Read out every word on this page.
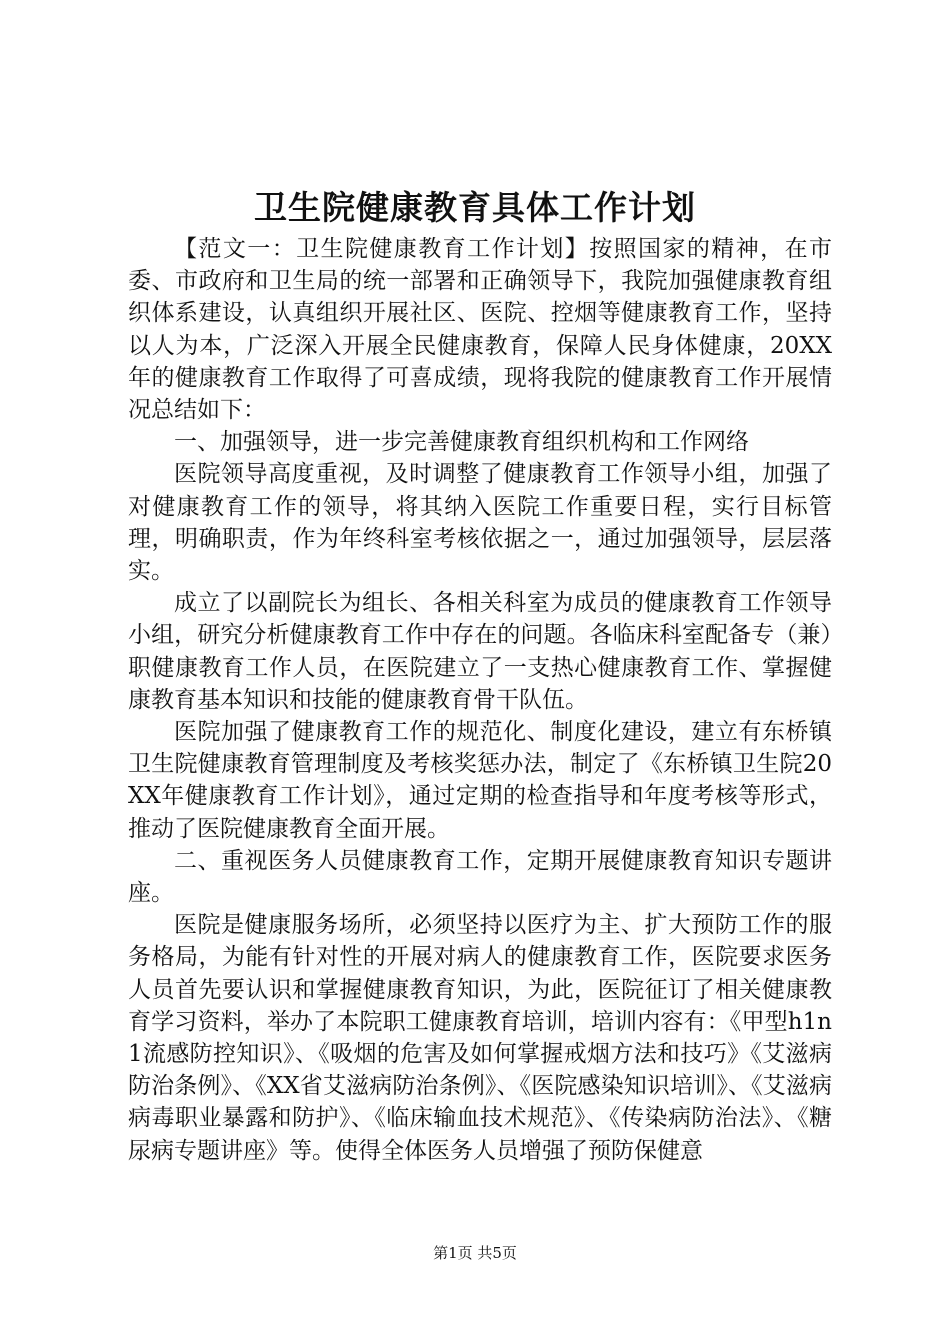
卫生院健康教育具体工作计划

【范文一：卫生院健康教育工作计划】按照国家的精神，在市委、市政府和卫生局的统一部署和正确领导下，我院加强健康教育组织体系建设，认真组织开展社区、医院、控烟等健康教育工作，坚持以人为本，广泛深入开展全民健康教育，保障人民身体健康，20XX年的健康教育工作取得了可喜成绩，现将我院的健康教育工作开展情况总结如下：

一、加强领导，进一步完善健康教育组织机构和工作网络

医院领导高度重视，及时调整了健康教育工作领导小组，加强了对健康教育工作的领导，将其纳入医院工作重要日程，实行目标管理，明确职责，作为年终科室考核依据之一，通过加强领导，层层落实。

成立了以副院长为组长、各相关科室为成员的健康教育工作领导小组，研究分析健康教育工作中存在的问题。各临床科室配备专（兼）职健康教育工作人员，在医院建立了一支热心健康教育工作、掌握健康教育基本知识和技能的健康教育骨干队伍。

医院加强了健康教育工作的规范化、制度化建设，建立有东桥镇卫生院健康教育管理制度及考核奖惩办法，制定了《东桥镇卫生院20XX年健康教育工作计划》，通过定期的检查指导和年度考核等形式，推动了医院健康教育全面开展。

二、重视医务人员健康教育工作，定期开展健康教育知识专题讲座。

医院是健康服务场所，必须坚持以医疗为主、扩大预防工作的服务格局，为能有针对性的开展对病人的健康教育工作，医院要求医务人员首先要认识和掌握健康教育知识，为此，医院征订了相关健康教育学习资料，举办了本院职工健康教育培训，培训内容有：《甲型h1n1流感防控知识》、《吸烟的危害及如何掌握戒烟方法和技巧》《艾滋病防治条例》、《XX省艾滋病防治条例》、《医院感染知识培训》、《艾滋病病毒职业暴露和防护》、《临床输血技术规范》、《传染病防治法》、《糖尿病专题讲座》等。使得全体医务人员增强了预防保健意

第1页 共5页
